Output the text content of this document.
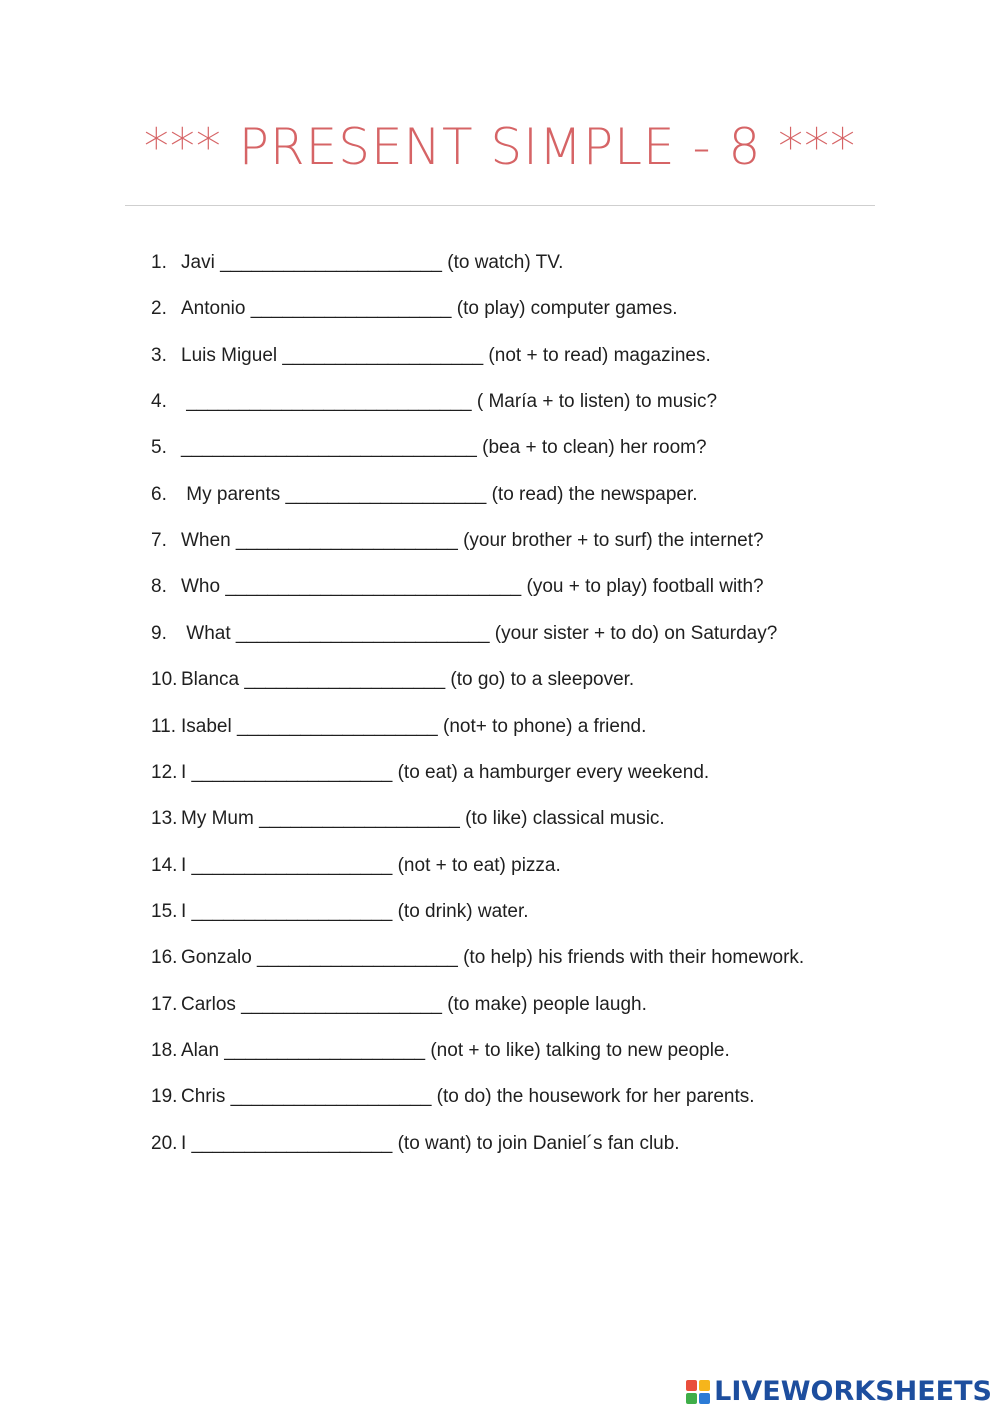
*** PRESENT SIMPLE - 8 ***
1. Javi _____________________ (to watch) TV.
2. Antonio ___________________ (to play) computer games.
3. Luis Miguel ___________________ (not + to read) magazines.
4. ___________________________ ( María + to listen) to music?
5. ____________________________ (bea + to clean) her room?
6. My parents ___________________ (to read) the newspaper.
7. When _____________________ (your brother + to surf) the internet?
8. Who ____________________________ (you + to play) football with?
9. What ________________________ (your sister + to do) on Saturday?
10. Blanca ___________________ (to go) to a sleepover.
11. Isabel ___________________ (not+ to phone) a friend.
12. I ___________________ (to eat) a hamburger every weekend.
13. My Mum ___________________ (to like) classical music.
14. I ___________________ (not + to eat) pizza.
15. I ___________________ (to drink) water.
16. Gonzalo ___________________ (to help) his friends with their homework.
17. Carlos ___________________ (to make) people laugh.
18. Alan ___________________ (not + to like) talking to new people.
19. Chris ___________________ (to do) the housework for her parents.
20. I ___________________ (to want) to join Daniel´s fan club.
LIVEWORKSHEETS
